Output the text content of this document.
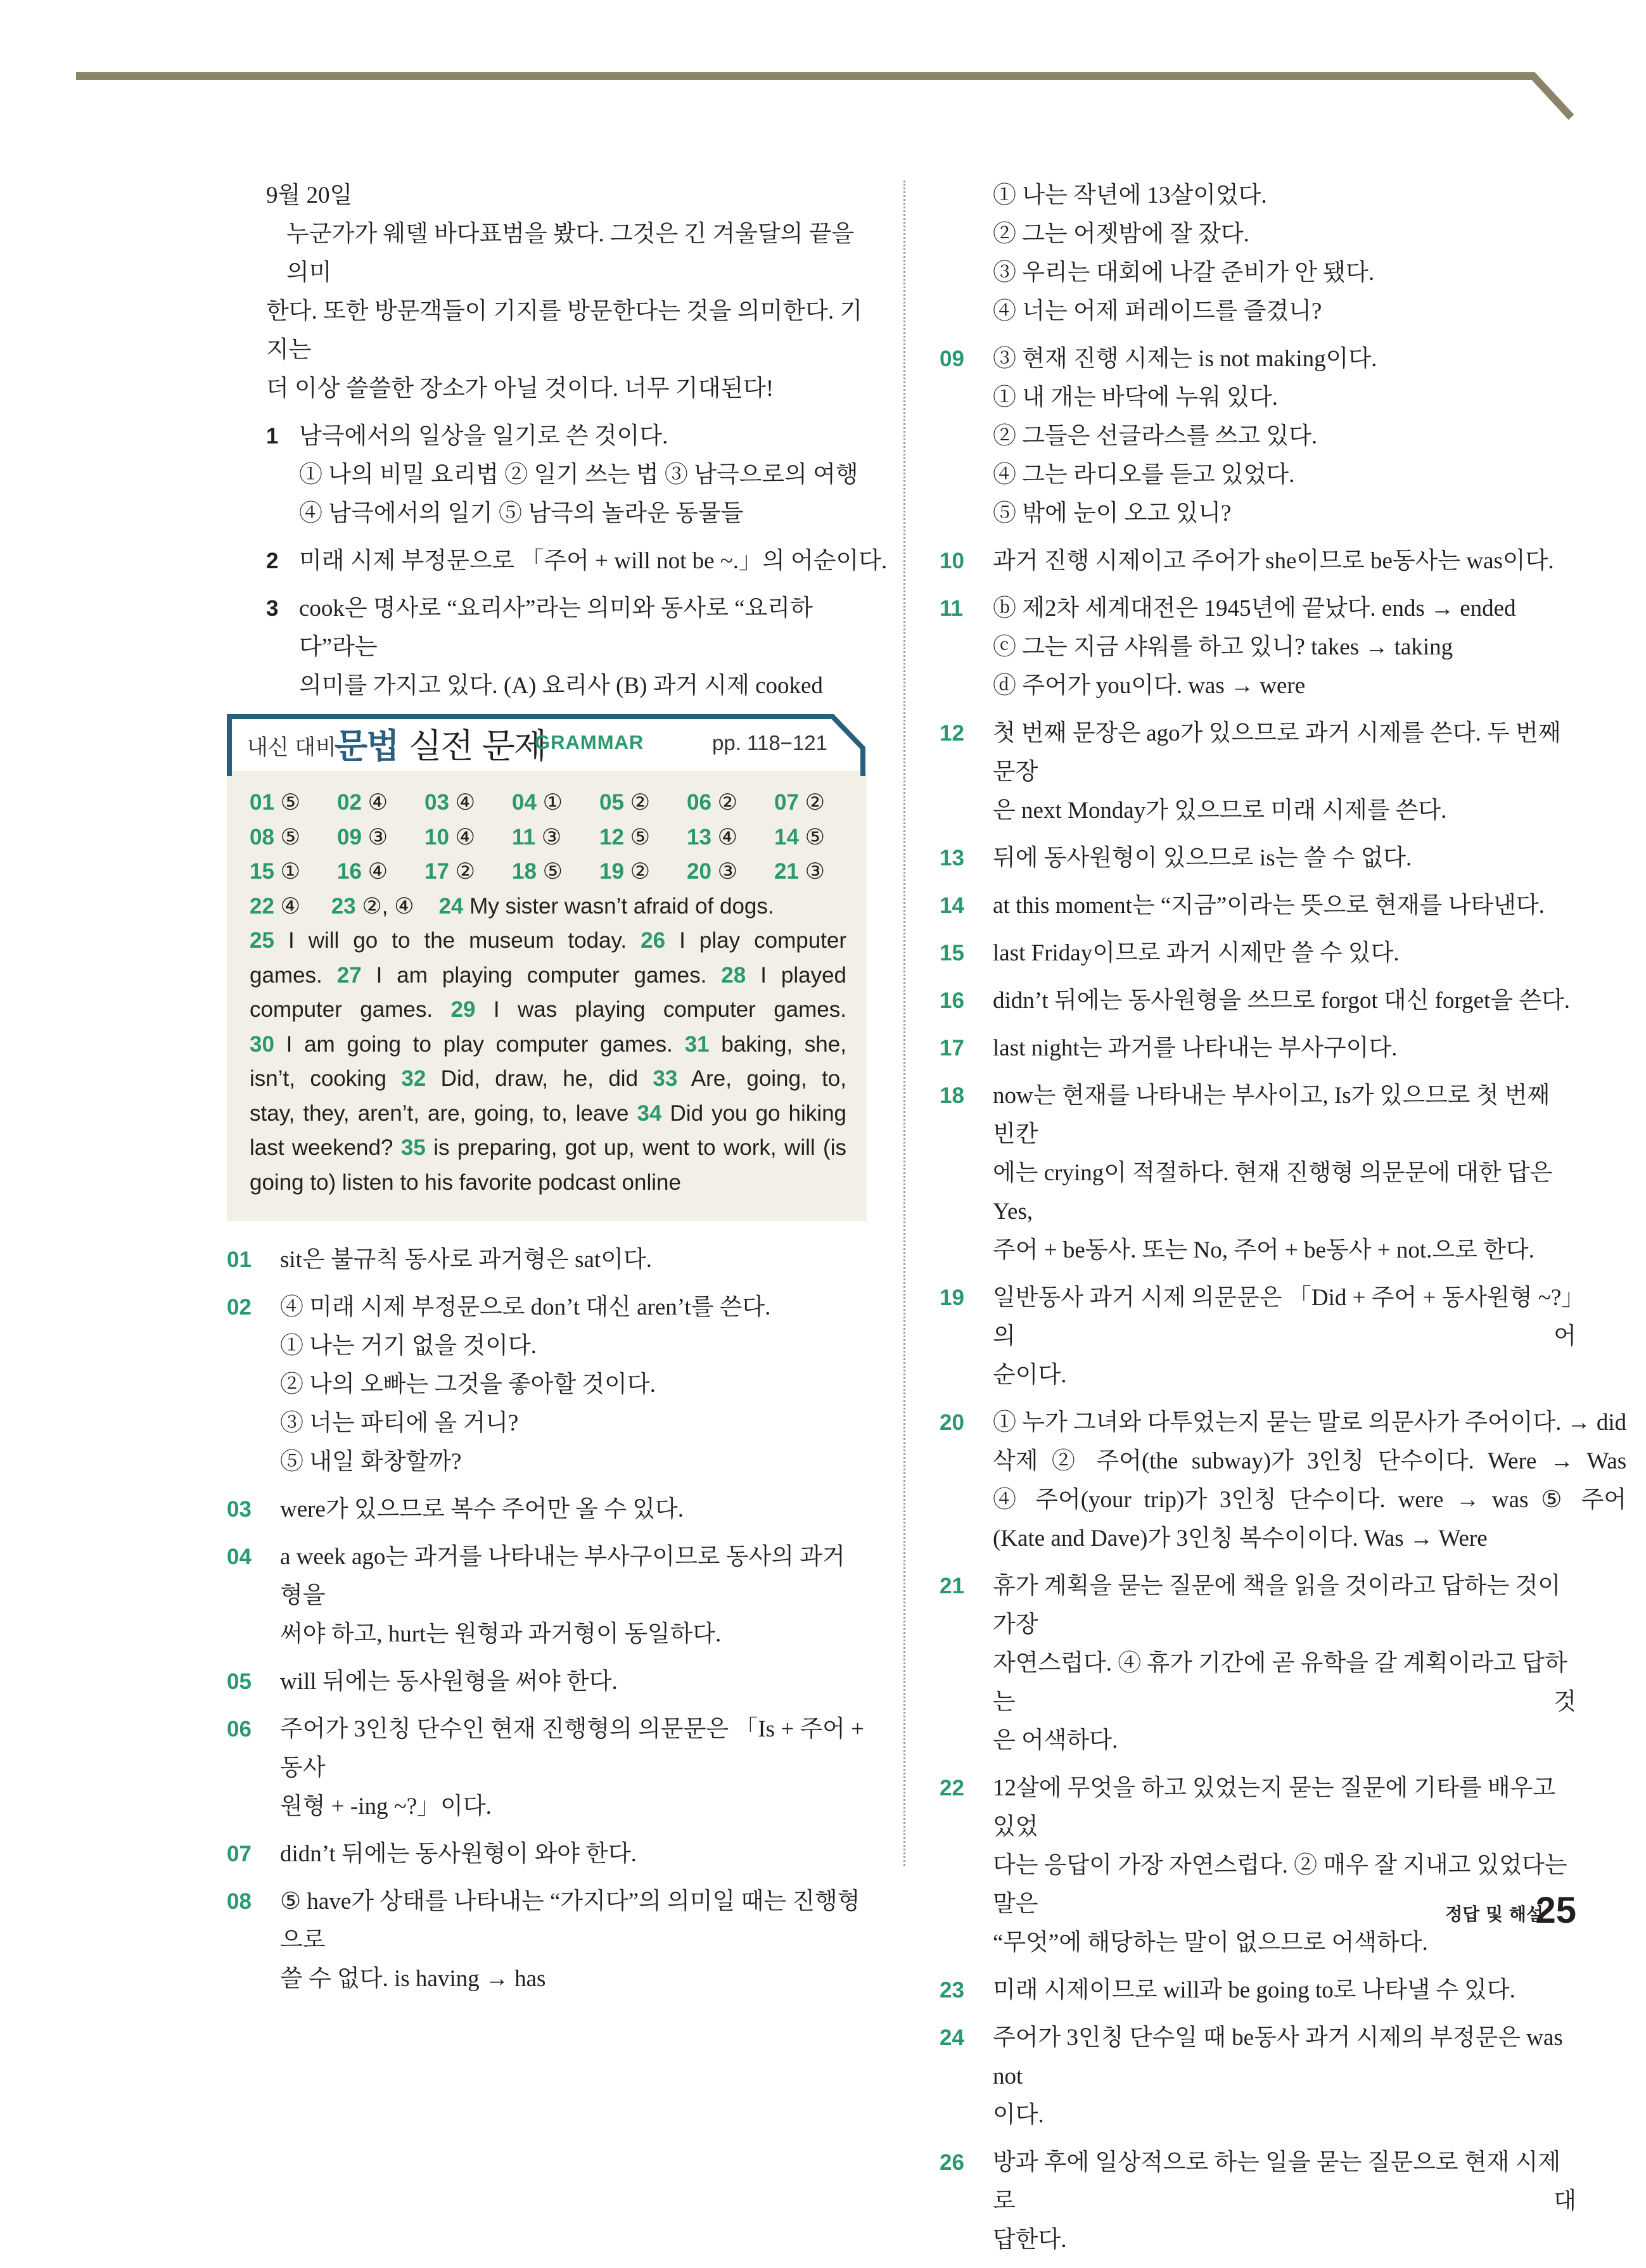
9월 20일
누군가가 웨델 바다표범을 봤다. 그것은 긴 겨울달의 끝을 의미
한다. 또한 방문객들이 기지를 방문한다는 것을 의미한다. 기지는
더 이상 쓸쓸한 장소가 아닐 것이다. 너무 기대된다!
1 남극에서의 일상을 일기로 쓴 것이다.
① 나의 비밀 요리법 ② 일기 쓰는 법 ③ 남극으로의 여행
④ 남극에서의 일기 ⑤ 남극의 놀라운 동물들
2 미래 시제 부정문으로 「주어 + will not be ~.」의 어순이다.
3 cook은 명사로 “요리사”라는 의미와 동사로 “요리하다”라는
의미를 가지고 있다. (A) 요리사 (B) 과거 시제 cooked
내신 대비
문법 실전 문제
GRAMMAR	pp. 118−121
01 ⑤	02 ④	03 ④	04 ①	05 ②	06 ②	07 ②
08 ⑤	09 ③	10 ④	11 ③	12 ⑤	13 ④	14 ⑤
15 ①	16 ④	17 ②	18 ⑤	19 ②	20 ③	21 ③
22 ④ 23 ②, ④ 24 My sister wasn’t afraid of dogs.
25 I will go to the museum today. 26 I play computer
games. 27 I am playing computer games. 28 I played
computer games. 29 I was playing computer games.
30 I am going to play computer games. 31 baking, she,
isn’t, cooking 32 Did, draw, he, did 33 Are, going, to,
stay, they, aren’t, are, going, to, leave 34 Did you go hiking
last weekend? 35 is preparing, got up, went to work, will (is
going to) listen to his favorite podcast online
01	sit은 불규칙 동사로 과거형은 sat이다.
02	④ 미래 시제 부정문으로 don’t 대신 aren’t를 쓴다.
① 나는 거기 없을 것이다.
② 나의 오빠는 그것을 좋아할 것이다.
③ 너는 파티에 올 거니?
⑤ 내일 화창할까?
03	were가 있으므로 복수 주어만 올 수 있다.
04	a week ago는 과거를 나타내는 부사구이므로 동사의 과거형을
써야 하고, hurt는 원형과 과거형이 동일하다.
05	will 뒤에는 동사원형을 써야 한다.
06	주어가 3인칭 단수인 현재 진행형의 의문문은 「Is + 주어 + 동사
원형 + -ing ~?」이다.
07	didn’t 뒤에는 동사원형이 와야 한다.
08	⑤ have가 상태를 나타내는 “가지다”의 의미일 때는 진행형으로
쓸 수 없다. is having → has
① 나는 작년에 13살이었다.
② 그는 어젯밤에 잘 잤다.
③ 우리는 대회에 나갈 준비가 안 됐다.
④ 너는 어제 퍼레이드를 즐겼니?
09	③ 현재 진행 시제는 is not making이다.
① 내 개는 바닥에 누워 있다.
② 그들은 선글라스를 쓰고 있다.
④ 그는 라디오를 듣고 있었다.
⑤ 밖에 눈이 오고 있니?
10	과거 진행 시제이고 주어가 she이므로 be동사는 was이다.
11	ⓑ 제2차 세계대전은 1945년에 끝났다. ends → ended
ⓒ 그는 지금 샤워를 하고 있니? takes → taking
ⓓ 주어가 you이다. was → were
12	첫 번째 문장은 ago가 있으므로 과거 시제를 쓴다. 두 번째 문장
은 next Monday가 있으므로 미래 시제를 쓴다.
13	뒤에 동사원형이 있으므로 is는 쓸 수 없다.
14	at this moment는 “지금”이라는 뜻으로 현재를 나타낸다.
15	last Friday이므로 과거 시제만 쓸 수 있다.
16	didn’t 뒤에는 동사원형을 쓰므로 forgot 대신 forget을 쓴다.
17	last night는 과거를 나타내는 부사구이다.
18	now는 현재를 나타내는 부사이고, Is가 있으므로 첫 번째 빈칸
에는 crying이 적절하다. 현재 진행형 의문문에 대한 답은 Yes,
주어 + be동사. 또는 No, 주어 + be동사 + not.으로 한다.
19	일반동사 과거 시제 의문문은 「Did + 주어 + 동사원형 ~?」의 어
순이다.
20	① 누가 그녀와 다투었는지 묻는 말로 의문사가 주어이다. → did
삭제 ② 주어(the subway)가 3인칭 단수이다. Were → Was
④ 주어(your trip)가 3인칭 단수이다. were → was ⑤ 주어
(Kate and Dave)가 3인칭 복수이이다. Was → Were
21	휴가 계획을 묻는 질문에 책을 읽을 것이라고 답하는 것이 가장
자연스럽다. ④ 휴가 기간에 곧 유학을 갈 계획이라고 답하는 것
은 어색하다.
22	12살에 무엇을 하고 있었는지 묻는 질문에 기타를 배우고 있었
다는 응답이 가장 자연스럽다. ② 매우 잘 지내고 있었다는 말은
“무엇”에 해당하는 말이 없으므로 어색하다.
23	미래 시제이므로 will과 be going to로 나타낼 수 있다.
24	주어가 3인칭 단수일 때 be동사 과거 시제의 부정문은 was not
이다.
26	방과 후에 일상적으로 하는 일을 묻는 질문으로 현재 시제로 대
답한다.
정답 및 해설
25
